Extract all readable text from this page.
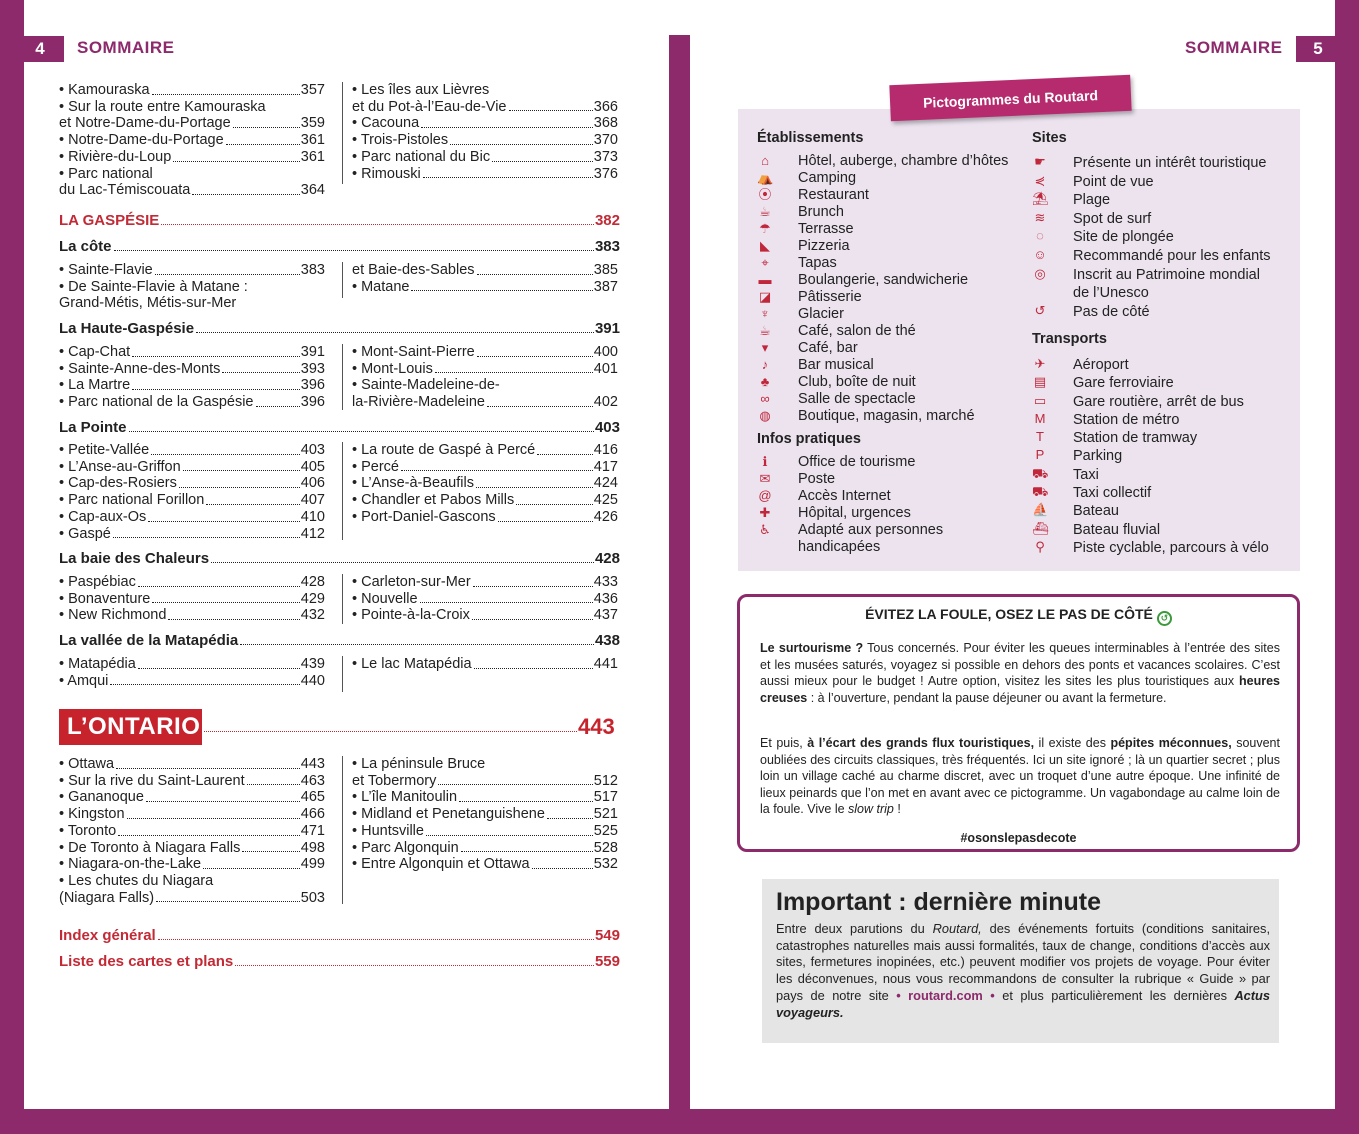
4	SOMMAIRE
• Kamouraska	357
• Sur la route entre Kamouraska
et Notre-Dame-du-Portage	359
• Notre-Dame-du-Portage	361
• Rivière-du-Loup	361
• Parc national
du Lac-Témiscouata	364
• Les îles aux Lièvres
et du Pot-à-l’Eau-de-Vie	366
• Cacouna	368
• Trois-Pistoles	370
• Parc national du Bic	373
• Rimouski	376
LA GASPÉSIE	382
La côte	383
• Sainte-Flavie	383
• De Sainte-Flavie à Matane :
Grand-Métis, Métis-sur-Mer
et Baie-des-Sables	385
• Matane	387
La Haute-Gaspésie	391
• Cap-Chat	391
• Sainte-Anne-des-Monts	393
• La Martre	396
• Parc national de la Gaspésie	396
• Mont-Saint-Pierre	400
• Mont-Louis	401
• Sainte-Madeleine-de-
la-Rivière-Madeleine	402
La Pointe	403
• Petite-Vallée	403
• L’Anse-au-Griffon	405
• Cap-des-Rosiers	406
• Parc national Forillon	407
• Cap-aux-Os	410
• Gaspé	412
• La route de Gaspé à Percé	416
• Percé	417
• L’Anse-à-Beaufils	424
• Chandler et Pabos Mills	425
• Port-Daniel-Gascons	426
La baie des Chaleurs	428
• Paspébiac	428
• Bonaventure	429
• New Richmond	432
• Carleton-sur-Mer	433
• Nouvelle	436
• Pointe-à-la-Croix	437
La vallée de la Matapédia	438
• Matapédia	439
• Amqui	440
• Le lac Matapédia	441
L’ONTARIO	443
• Ottawa	443
• Sur la rive du Saint-Laurent	463
• Gananoque	465
• Kingston	466
• Toronto	471
• De Toronto à Niagara Falls	498
• Niagara-on-the-Lake	499
• Les chutes du Niagara
(Niagara Falls)	503
• La péninsule Bruce
et Tobermory	512
• L’île Manitoulin	517
• Midland et Penetanguishene	521
• Huntsville	525
• Parc Algonquin	528
• Entre Algonquin et Ottawa	532
Index général	549
Liste des cartes et plans	559
SOMMAIRE	5
Pictogrammes du Routard
Établissements
⌂ Hôtel, auberge, chambre d’hôtes
⛺ Camping
⦿ Restaurant
☕ Brunch
☂ Terrasse
◣ Pizzeria
⌖ Tapas
▬ Boulangerie, sandwicherie
◪ Pâtisserie
♆ Glacier
☕ Café, salon de thé
▾	Café, bar
♪	Bar musical
♣ Club, boîte de nuit
∞ Salle de spectacle
◍ Boutique, magasin, marché
Infos pratiques
ℹ	Office de tourisme
✉ Poste
@ Accès Internet
✚ Hôpital, urgences
♿ Adapté aux personnes
handicapées
Sites
☛ Présente un intérêt touristique
⋞ Point de vue
⛱ Plage
≋ Spot de surf
◌ Site de plongée
☺ Recommandé pour les enfants
◎ Inscrit au Patrimoine mondial
de l’Unesco
↺ Pas de côté
Transports
✈ Aéroport
▤ Gare ferroviaire
▭ Gare routière, arrêt de bus
M Station de métro
T Station de tramway
P Parking
⛟ Taxi
⛟ Taxi collectif
⛵ Bateau
⛴ Bateau fluvial
⚲ Piste cyclable, parcours à vélo
ÉVITEZ LA FOULE, OSEZ LE PAS DE CÔTÉ ↺

Le surtourisme ? Tous concernés. Pour éviter les queues interminables à l’entrée des sites et les musées saturés, voyagez si possible en dehors des ponts et vacances scolaires. C’est aussi mieux pour le budget ! Autre option, visitez les sites les plus touristiques aux heures creuses : à l’ouverture, pendant la pause déjeuner ou avant la fermeture.

Et puis, à l’écart des grands flux touristiques, il existe des pépites méconnues, souvent oubliées des circuits classiques, très fréquentés. Ici un site ignoré ; là un quartier secret ; plus loin un village caché au charme discret, avec un troquet d’une autre époque. Une infinité de lieux peinards que l’on met en avant avec ce pictogramme. Un vagabondage au calme loin de la foule. Vive le slow trip !

#osonslepasdecote
Important : dernière minute

Entre deux parutions du Routard, des événements fortuits (conditions sanitaires, catastrophes naturelles mais aussi formalités, taux de change, conditions d’accès aux sites, fermetures inopinées, etc.) peuvent modifier vos projets de voyage. Pour éviter les déconvenues, nous vous recommandons de consulter la rubrique « Guide » par pays de notre site • routard.com • et plus particulièrement les dernières Actus voyageurs.
